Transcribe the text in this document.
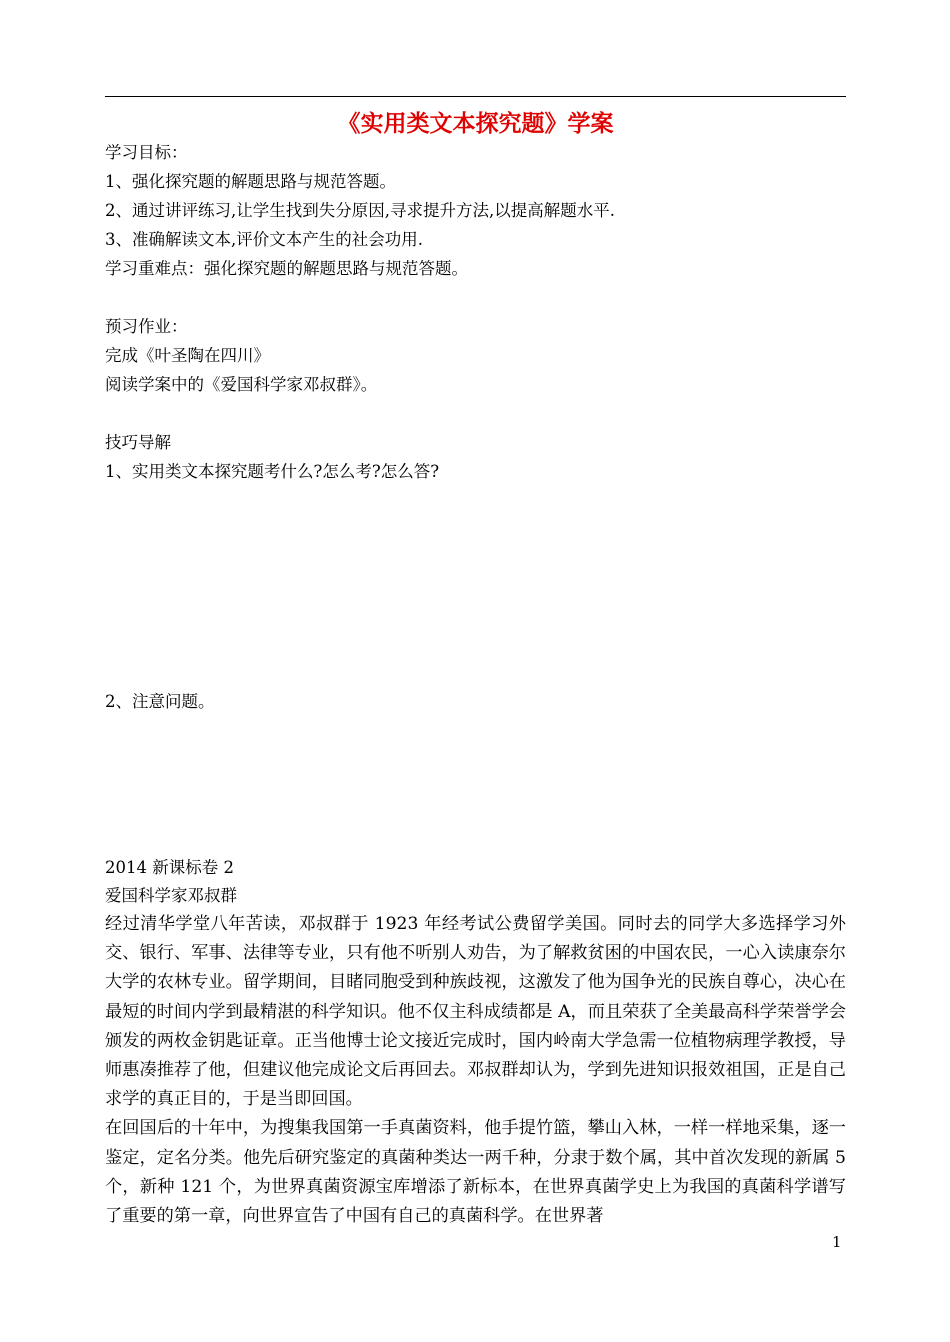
《实用类文本探究题》学案
学习目标：
1、强化探究题的解题思路与规范答题。
2、通过讲评练习,让学生找到失分原因,寻求提升方法,以提高解题水平.
3、准确解读文本,评价文本产生的社会功用.
学习重难点：强化探究题的解题思路与规范答题。
预习作业：
完成《叶圣陶在四川》
阅读学案中的《爱国科学家邓叔群》。
技巧导解
1、实用类文本探究题考什么?怎么考?怎么答?
2、注意问题。
2014 新课标卷 2
爱国科学家邓叔群

经过清华学堂八年苦读，邓叔群于 1923 年经考试公费留学美国。同时去的同学大多选择学习外交、银行、军事、法律等专业，只有他不听别人劝告，为了解救贫困的中国农民，一心入读康奈尔大学的农林专业。留学期间，目睹同胞受到种族歧视，这激发了他为国争光的民族自尊心，决心在最短的时间内学到最精湛的科学知识。他不仅主科成绩都是 A，而且荣获了全美最高科学荣誉学会颁发的两枚金钥匙证章。正当他博士论文接近完成时，国内岭南大学急需一位植物病理学教授，导师惠凑推荐了他，但建议他完成论文后再回去。邓叔群却认为，学到先进知识报效祖国，正是自己求学的真正目的，于是当即回国。

在回国后的十年中，为搜集我国第一手真菌资料，他手提竹篮，攀山入林，一样一样地采集，逐一鉴定，定名分类。他先后研究鉴定的真菌种类达一两千种，分隶于数个属，其中首次发现的新属 5 个，新种 121 个，为世界真菌资源宝库增添了新标本，在世界真菌学史上为我国的真菌科学谱写了重要的第一章，向世界宣告了中国有自己的真菌科学。在世界著

1
